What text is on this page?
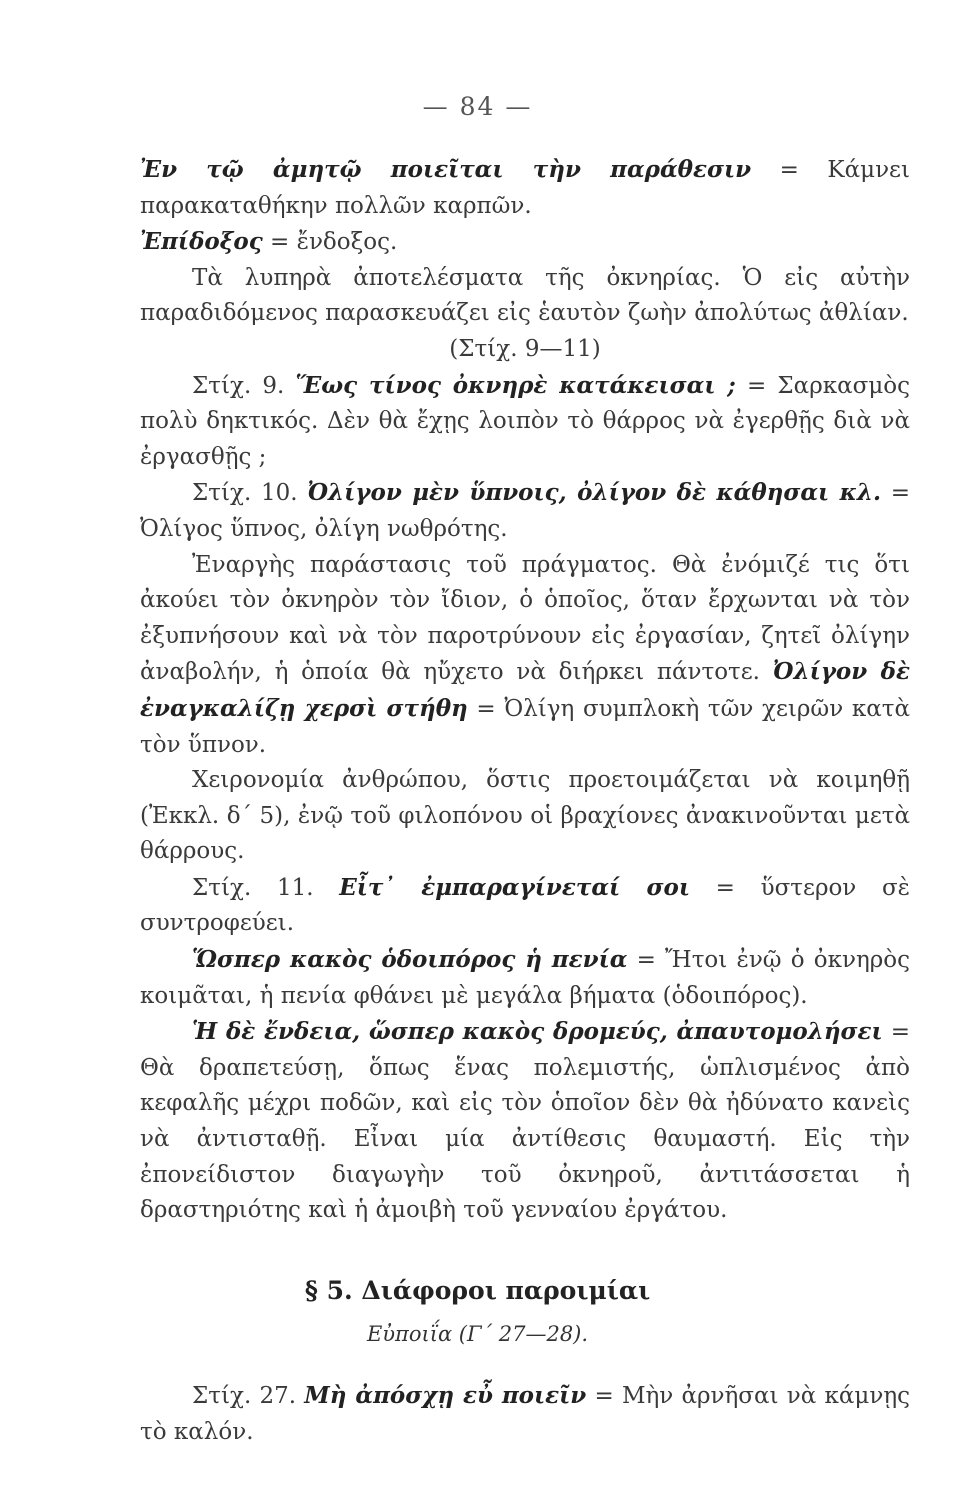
— 84 —

Ἐν τῷ ἀμητῷ ποιεῖται τὴν παράθεσιν = Κάμνει παρακαταθήκην πολλῶν καρπῶν.

Ἐπίδοξος = ἔνδοξος.

Τὰ λυπηρὰ ἀποτελέσματα τῆς ὀκνηρίας. Ὁ εἰς αὐτὴν παραδιδόμενος παρασκευάζει εἰς ἑαυτὸν ζωὴν ἀπολύτως ἀθλίαν.

(Στίχ. 9—11)

Στίχ. 9. Ἕως τίνος ὀκνηρὲ κατάκεισαι ; = Σαρκασμὸς πολὺ δηκτικός. Δὲν θὰ ἔχῃς λοιπὸν τὸ θάρρος νὰ ἐγερθῇς διὰ νὰ ἐργασθῇς ;

Στίχ. 10. Ὀλίγον μὲν ὕπνοις, ὀλίγον δὲ κάθησαι κλ. = Ὀλίγος ὕπνος, ὀλίγη νωθρότης.

Ἐναργὴς παράστασις τοῦ πράγματος. Θὰ ἐνόμιζέ τις ὅτι ἀκούει τὸν ὀκνηρὸν τὸν ἴδιον, ὁ ὁποῖος, ὅταν ἔρχωνται νὰ τὸν ἐξυπνήσουν καὶ νὰ τὸν παροτρύνουν εἰς ἐργασίαν, ζητεῖ ὀλίγην ἀναβολήν, ἡ ὁποία θὰ ηὔχετο νὰ διήρκει πάντοτε. Ὀλίγον δὲ ἐναγκαλίζῃ χερσὶ στήθη = Ὀλίγη συμπλοκὴ τῶν χειρῶν κατὰ τὸν ὕπνον.

Χειρονομία ἀνθρώπου, ὅστις προετοιμάζεται νὰ κοιμηθῇ (Ἐκκλ. δ΄ 5), ἐνῷ τοῦ φιλοπόνου οἱ βραχίονες ἀνακινοῦνται μετὰ θάρρους.

Στίχ. 11. Εἶτ᾿ ἐμπαραγίνεταί σοι = ὕστερον σὲ συντροφεύει.

Ὥσπερ κακὸς ὁδοιπόρος ἡ πενία = Ἤτοι ἐνῷ ὁ ὀκνηρὸς κοιμᾶται, ἡ πενία φθάνει μὲ μεγάλα βήματα (ὁδοιπόρος).

Ἡ δὲ ἔνδεια, ὥσπερ κακὸς δρομεύς, ἀπαυτομολήσει = Θὰ δραπετεύσῃ, ὅπως ἕνας πολεμιστής, ὡπλισμένος ἀπὸ κεφαλῆς μέχρι ποδῶν, καὶ εἰς τὸν ὁποῖον δὲν θὰ ἠδύνατο κανεὶς νὰ ἀντισταθῇ. Εἶναι μία ἀντίθεσις θαυμαστή. Εἰς τὴν ἐπονείδιστον διαγωγὴν τοῦ ὀκνηροῦ, ἀντιτάσσεται ἡ δραστηριότης καὶ ἡ ἀμοιβὴ τοῦ γενναίου ἐργάτου.

§ 5. Διάφοροι παροιμίαι
Εὐποιΐα (Γ΄ 27—28).

Στίχ. 27. Μὴ ἀπόσχῃ εὖ ποιεῖν = Μὴν ἀρνῆσαι νὰ κάμνῃς τὸ καλόν.
